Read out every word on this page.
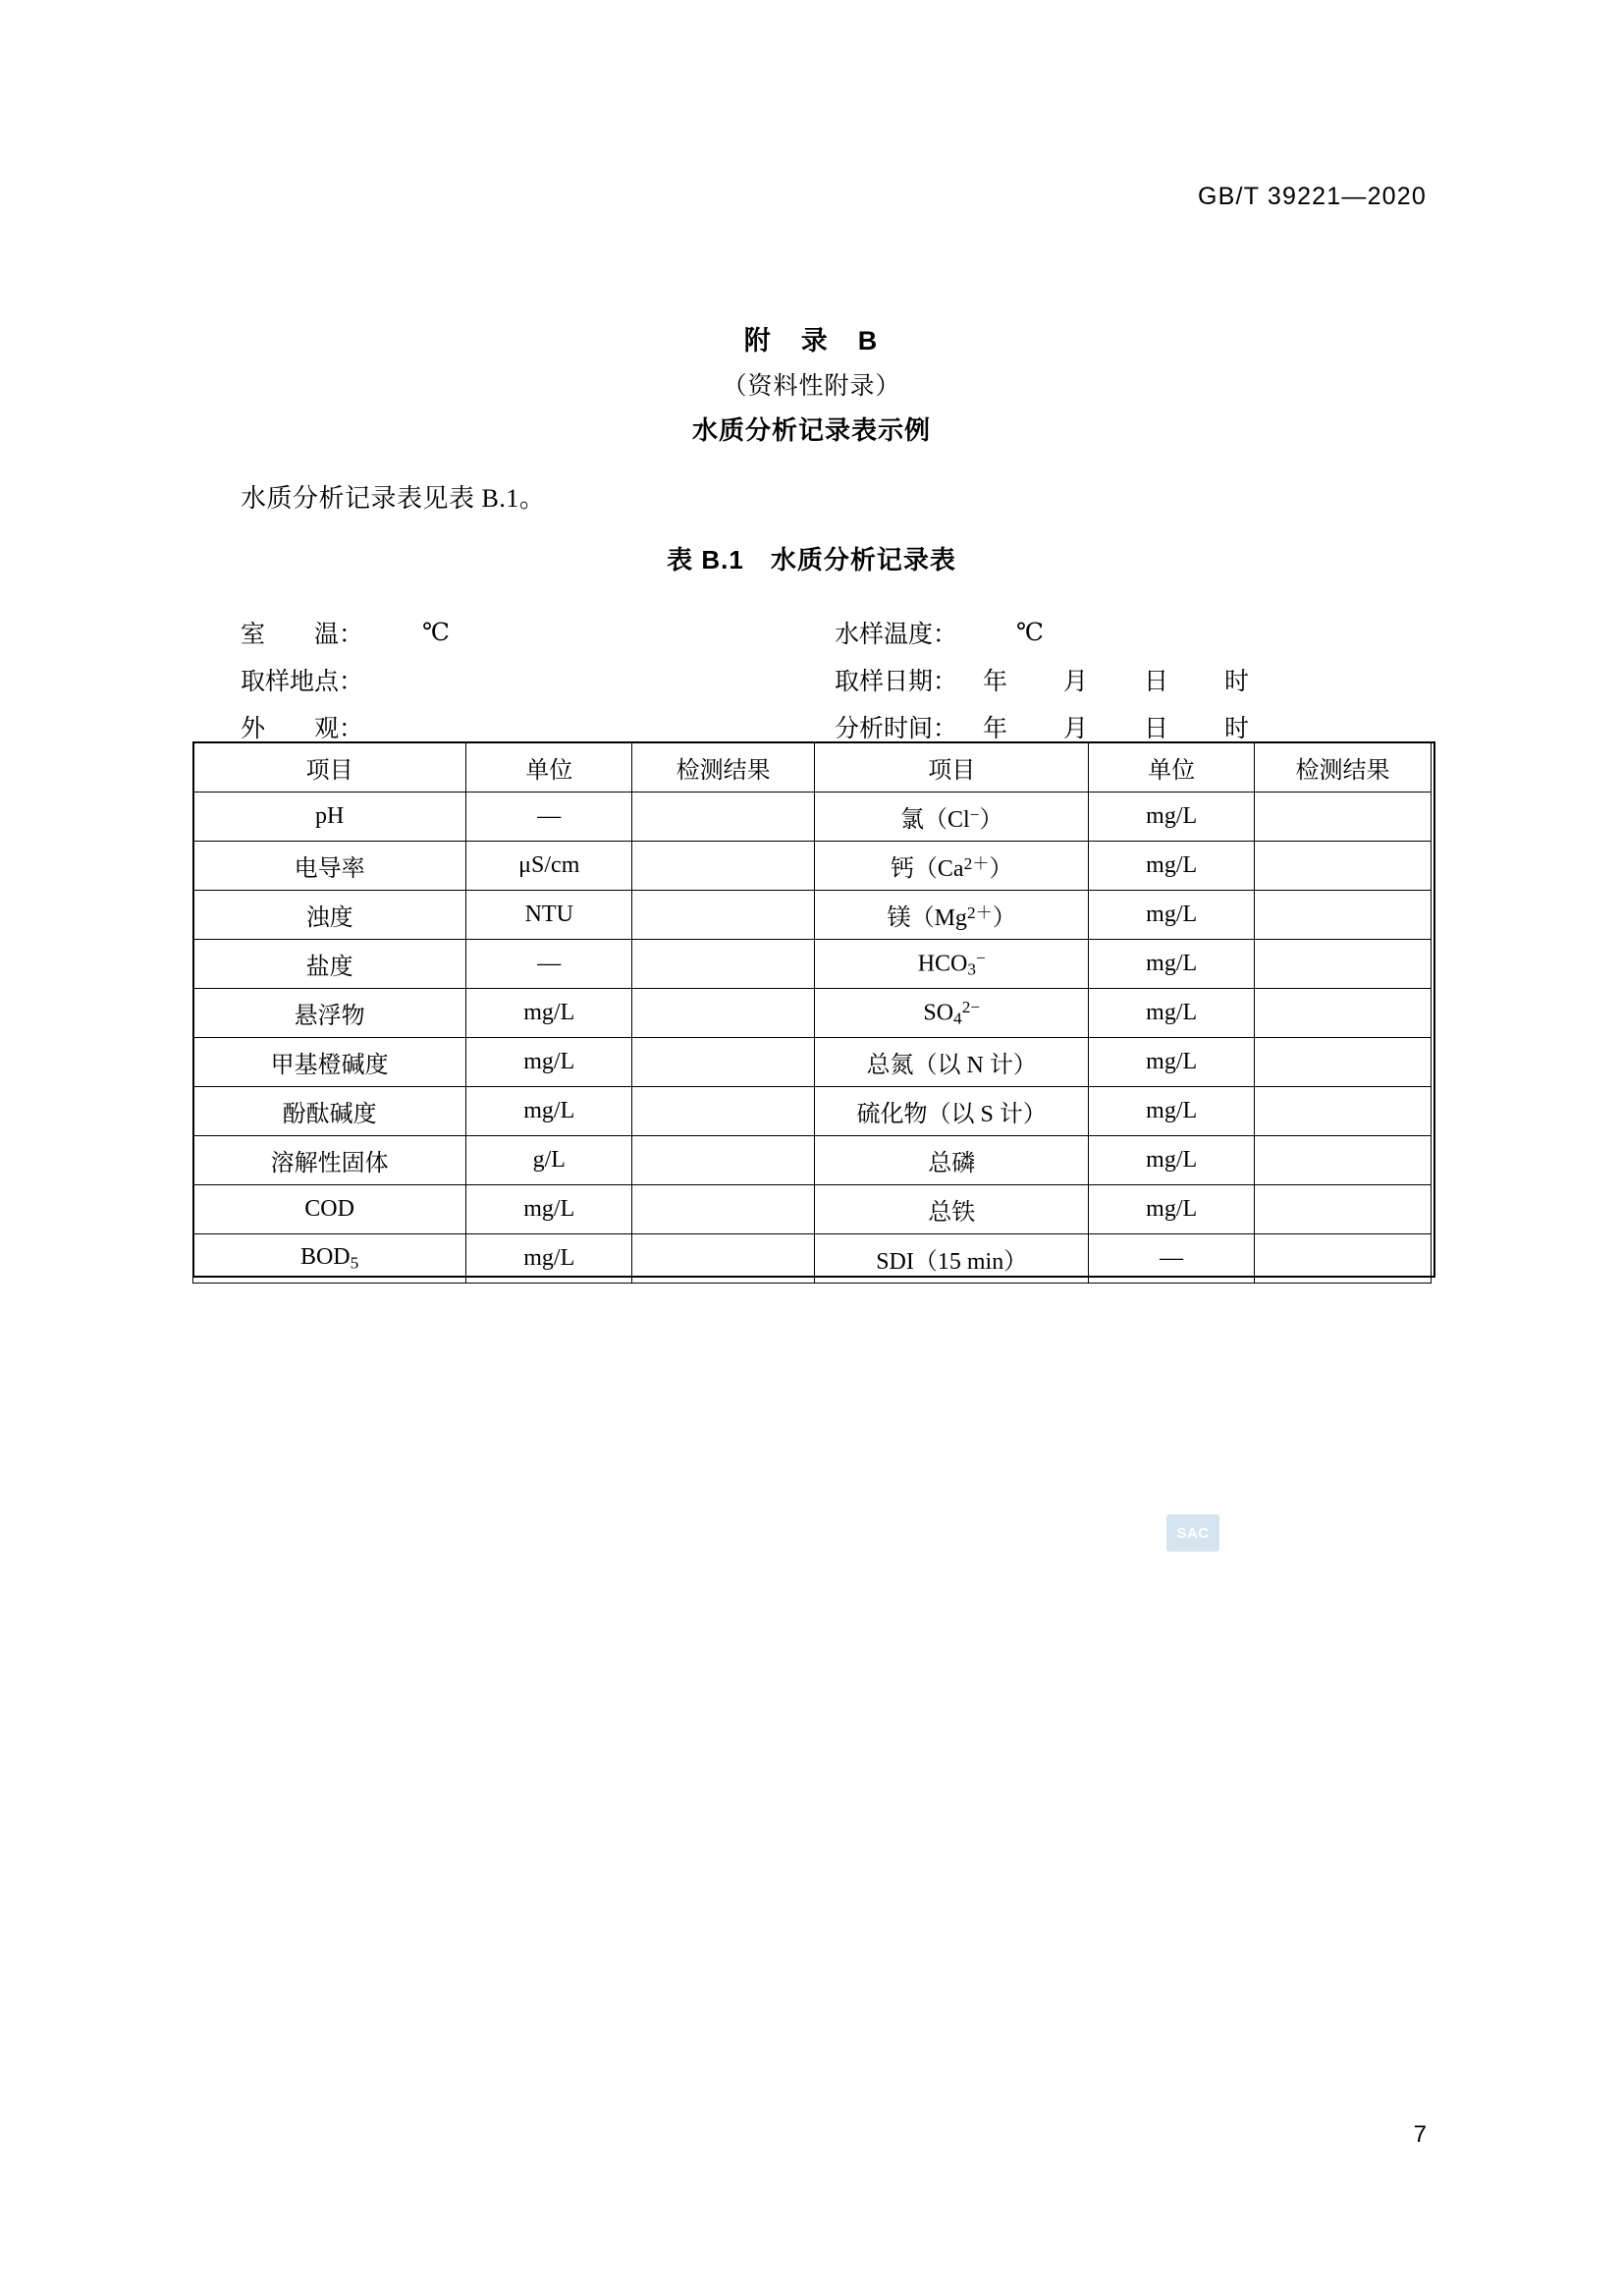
GB/T 39221—2020
附　录　B
（资料性附录）
水质分析记录表示例
水质分析记录表见表 B.1。
表 B.1　水质分析记录表
室　　温： ℃	水样温度： ℃
取样地点：	取样日期： 年 月 日 时
外　　观：	分析时间： 年 月 日 时
项目	单位	检测结果	项目	单位	检测结果
pH	—		氯（Cl−）	mg/L	
电导率	μS/cm		钙$(Ca^{2+})$	mg/L	
浊度	NTU		镁$(Mg^{2+})$	mg/L	
盐度	—		$HCO_3^-$	mg/L	
悬浮物	mg/L		$SO_4^{2-}$	mg/L	
甲基橙碱度	mg/L		总氮（以 N 计）	mg/L	
酚酞碱度	mg/L		硫化物（以 S 计）	mg/L	
溶解性固体	g/L		总磷	mg/L	
COD	mg/L		总铁	mg/L	
$BOD_5$	mg/L		SDI（15 min）	—	
SAC
7
